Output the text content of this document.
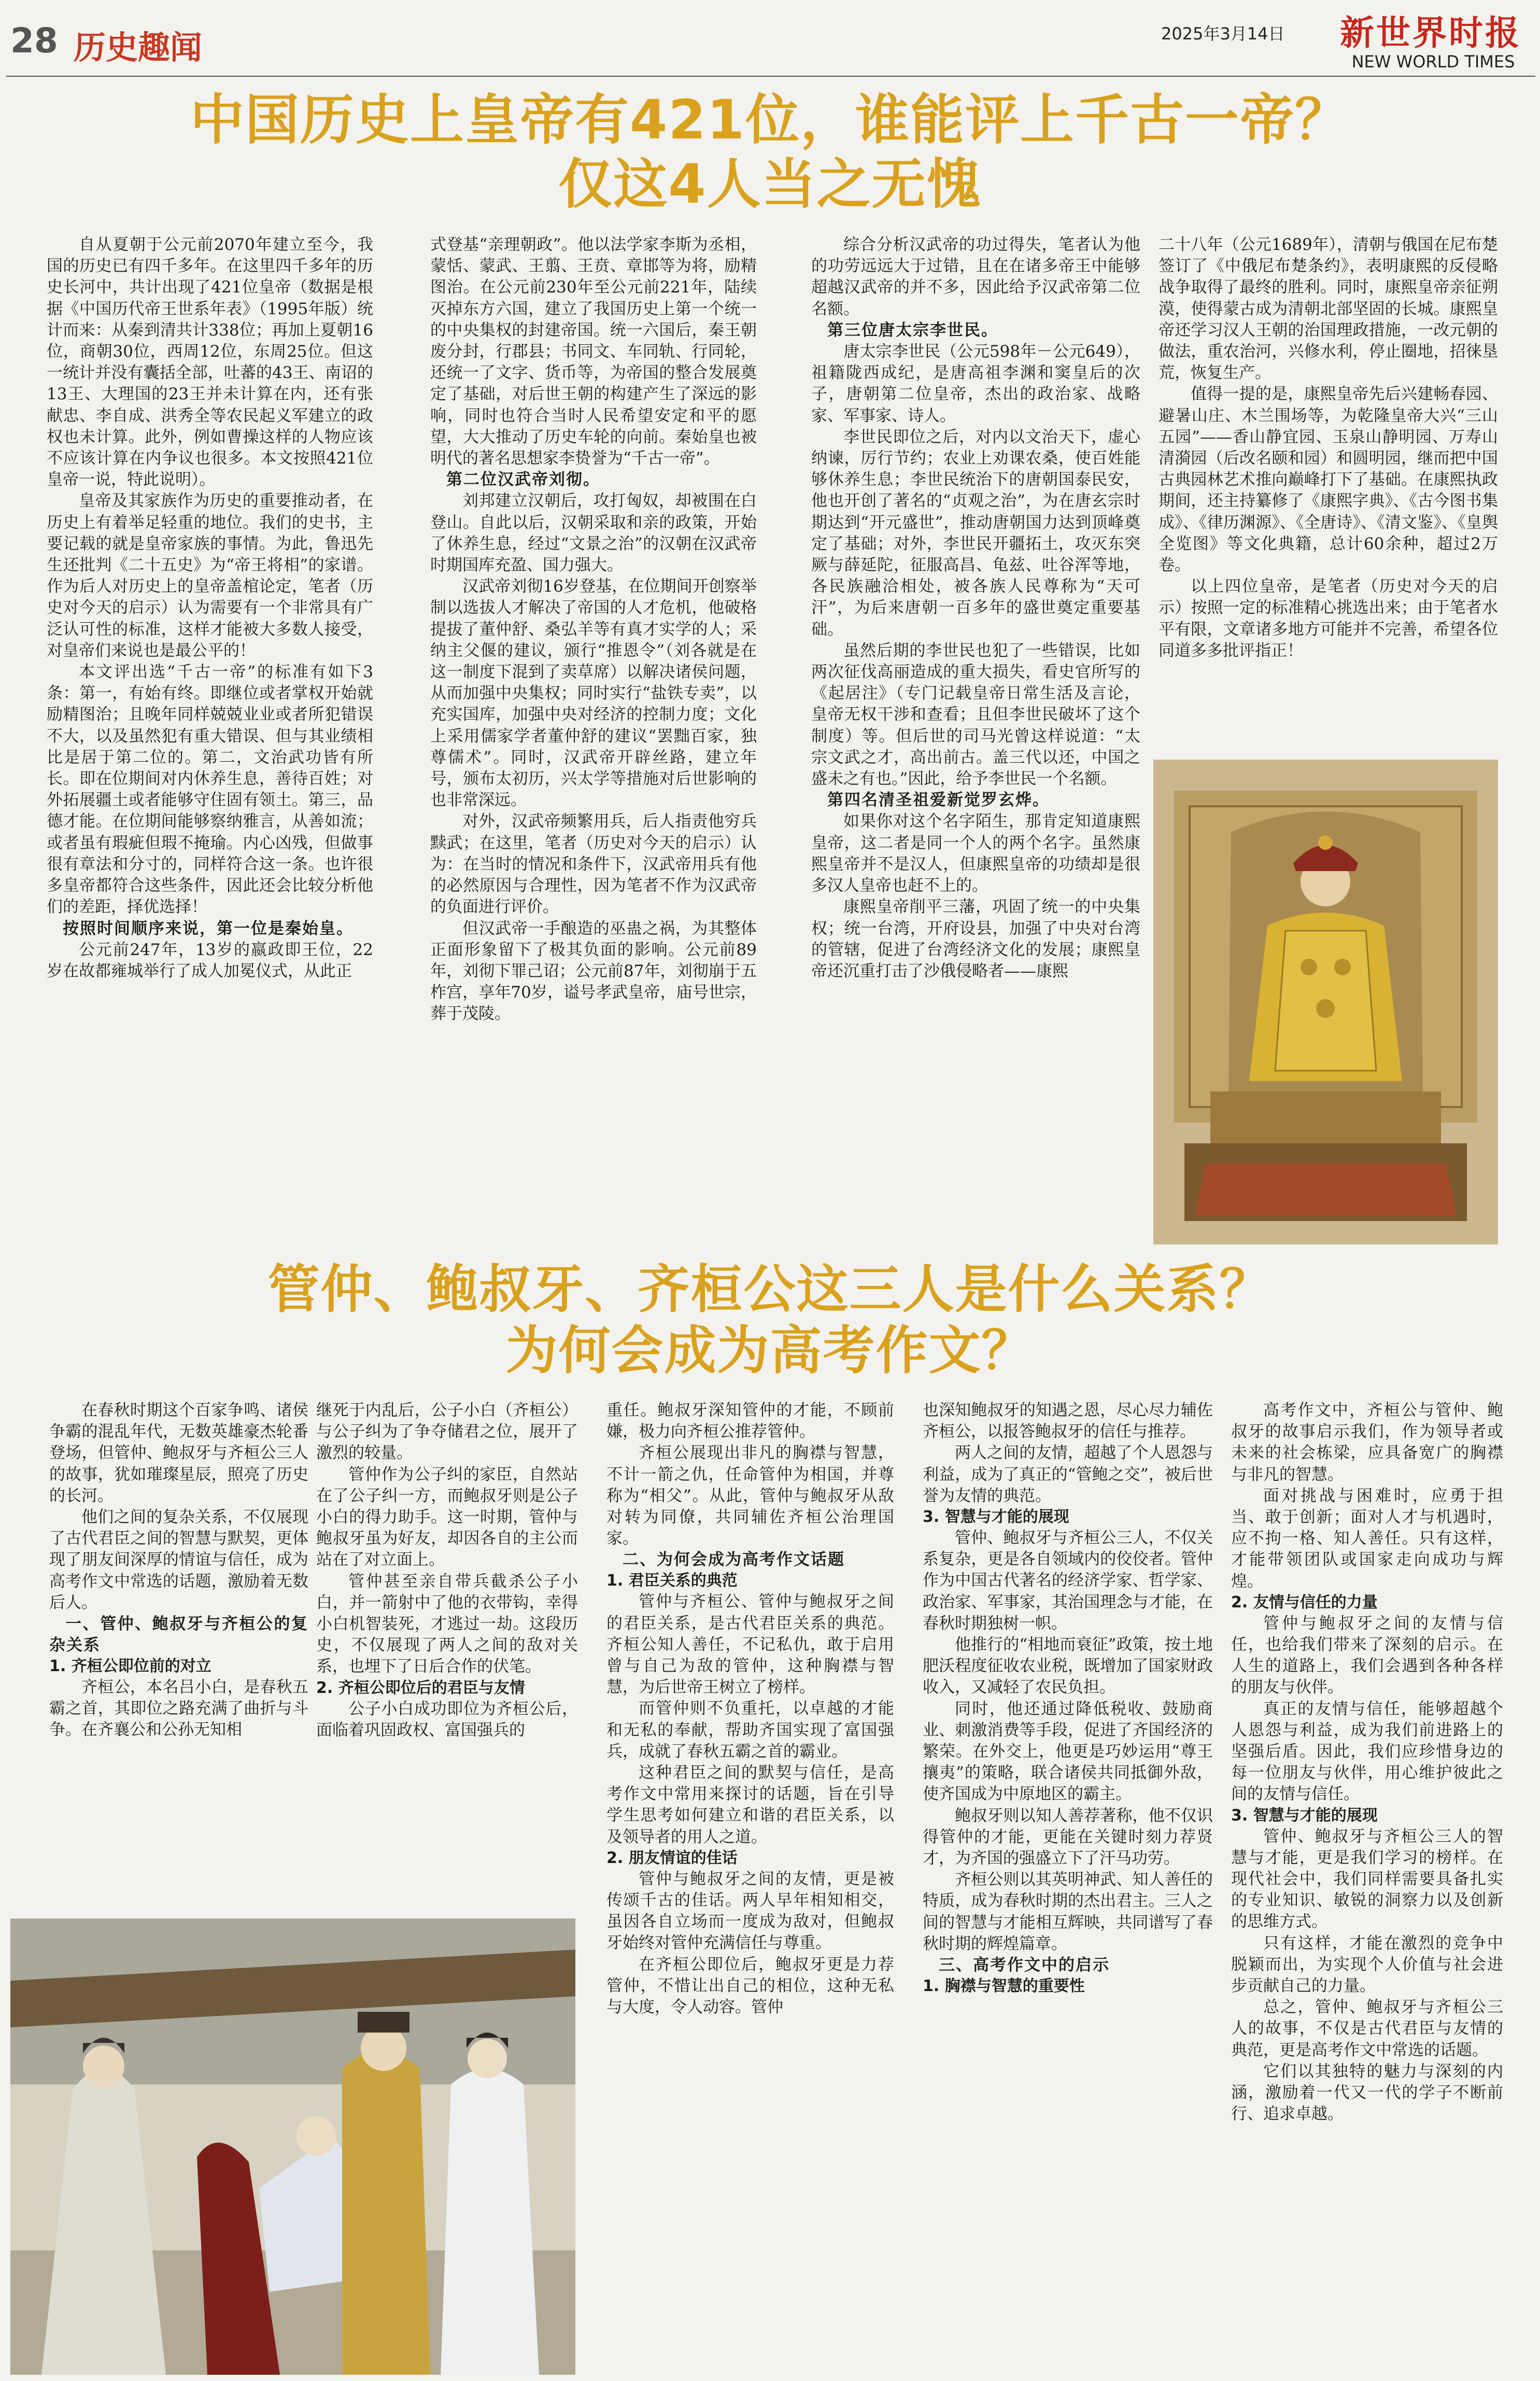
28 历史趣闻	2025年3月14日	新世界时报
NEW WORLD TIMES
中国历史上皇帝有421位，谁能评上千古一帝？
仅这4人当之无愧

自从夏朝于公元前2070年建立至今，我国的历史已有四千多年。在这里四千多年的历史长河中，共计出现了421位皇帝（数据是根据《中国历代帝王世系年表》（1995年版）统计而来：从秦到清共计338位；再加上夏朝16位，商朝30位，西周12位，东周25位。但这一统计并没有囊括全部，吐蕃的43王、南诏的13王、大理国的23王并未计算在内，还有张献忠、李自成、洪秀全等农民起义军建立的政权也未计算。此外，例如曹操这样的人物应该不应该计算在内争议也很多。本文按照421位皇帝一说，特此说明）。

皇帝及其家族作为历史的重要推动者，在历史上有着举足轻重的地位。我们的史书，主要记载的就是皇帝家族的事情。为此，鲁迅先生还批判《二十五史》为“帝王将相”的家谱。作为后人对历史上的皇帝盖棺论定，笔者（历史对今天的启示）认为需要有一个非常具有广泛认可性的标准，这样才能被大多数人接受，对皇帝们来说也是最公平的！

本文评出选“千古一帝”的标准有如下3条：第一，有始有终。即继位或者掌权开始就励精图治；且晚年同样兢兢业业或者所犯错误不大，以及虽然犯有重大错误、但与其业绩相比是居于第二位的。第二，文治武功皆有所长。即在位期间对内休养生息，善待百姓；对外拓展疆土或者能够守住固有领土。第三，品德才能。在位期间能够察纳雅言，从善如流；或者虽有瑕疵但瑕不掩瑜。内心凶残，但做事很有章法和分寸的，同样符合这一条。也许很多皇帝都符合这些条件，因此还会比较分析他们的差距，择优选择！

按照时间顺序来说，第一位是秦始皇。

公元前247年，13岁的嬴政即王位，22岁在故都雍城举行了成人加冕仪式，从此正

式登基“亲理朝政”。他以法学家李斯为丞相，蒙恬、蒙武、王翦、王贲、章邯等为将，励精图治。在公元前230年至公元前221年，陆续灭掉东方六国，建立了我国历史上第一个统一的中央集权的封建帝国。统一六国后，秦王朝废分封，行郡县；书同文、车同轨、行同轮，还统一了文字、货币等，为帝国的整合发展奠定了基础，对后世王朝的构建产生了深远的影响，同时也符合当时人民希望安定和平的愿望，大大推动了历史车轮的向前。秦始皇也被明代的著名思想家李贽誉为“千古一帝”。

第二位汉武帝刘彻。

刘邦建立汉朝后，攻打匈奴，却被围在白登山。自此以后，汉朝采取和亲的政策，开始了休养生息，经过“文景之治”的汉朝在汉武帝时期国库充盈、国力强大。

汉武帝刘彻16岁登基，在位期间开创察举制以选拔人才解决了帝国的人才危机，他破格提拔了董仲舒、桑弘羊等有真才实学的人；采纳主父偃的建议，颁行“推恩令”（刘各就是在这一制度下混到了卖草席）以解决诸侯问题，从而加强中央集权；同时实行“盐铁专卖”，以充实国库，加强中央对经济的控制力度；文化上采用儒家学者董仲舒的建议“罢黜百家，独尊儒术”。同时，汉武帝开辟丝路，建立年号，颁布太初历，兴太学等措施对后世影响的也非常深远。

对外，汉武帝频繁用兵，后人指责他穷兵黩武；在这里，笔者（历史对今天的启示）认为：在当时的情况和条件下，汉武帝用兵有他的必然原因与合理性，因为笔者不作为汉武帝的负面进行评价。

但汉武帝一手酿造的巫蛊之祸，为其整体正面形象留下了极其负面的影响。公元前89年，刘彻下罪己诏；公元前87年，刘彻崩于五柞宫，享年70岁，谥号孝武皇帝，庙号世宗，葬于茂陵。

综合分析汉武帝的功过得失，笔者认为他的功劳远远大于过错，且在在诸多帝王中能够超越汉武帝的并不多，因此给予汉武帝第二位名额。

第三位唐太宗李世民。

唐太宗李世民（公元598年－公元649），祖籍陇西成纪，是唐高祖李渊和窦皇后的次子，唐朝第二位皇帝，杰出的政治家、战略家、军事家、诗人。

李世民即位之后，对内以文治天下，虚心纳谏，厉行节约；农业上劝课农桑，使百姓能够休养生息；李世民统治下的唐朝国泰民安，他也开创了著名的“贞观之治”，为在唐玄宗时期达到“开元盛世”，推动唐朝国力达到顶峰奠定了基础；对外，李世民开疆拓土，攻灭东突厥与薛延陀，征服高昌、龟兹、吐谷浑等地，各民族融洽相处，被各族人民尊称为“天可汗”，为后来唐朝一百多年的盛世奠定重要基础。

虽然后期的李世民也犯了一些错误，比如两次征伐高丽造成的重大损失，看史官所写的《起居注》（专门记载皇帝日常生活及言论，皇帝无权干涉和查看；且但李世民破坏了这个制度）等。但后世的司马光曾这样说道：“太宗文武之才，高出前古。盖三代以还，中国之盛未之有也。”因此，给予李世民一个名额。

第四名清圣祖爱新觉罗玄烨。

如果你对这个名字陌生，那肯定知道康熙皇帝，这二者是同一个人的两个名字。虽然康熙皇帝并不是汉人，但康熙皇帝的功绩却是很多汉人皇帝也赶不上的。

康熙皇帝削平三藩，巩固了统一的中央集权；统一台湾，开府设县，加强了中央对台湾的管辖，促进了台湾经济文化的发展；康熙皇帝还沉重打击了沙俄侵略者——康熙

二十八年（公元1689年），清朝与俄国在尼布楚签订了《中俄尼布楚条约》，表明康熙的反侵略战争取得了最终的胜利。同时，康熙皇帝亲征朔漠，使得蒙古成为清朝北部坚固的长城。康熙皇帝还学习汉人王朝的治国理政措施，一改元朝的做法，重农治河，兴修水利，停止圈地，招徕垦荒，恢复生产。

值得一提的是，康熙皇帝先后兴建畅春园、避暑山庄、木兰围场等，为乾隆皇帝大兴“三山五园”——香山静宜园、玉泉山静明园、万寿山清漪园（后改名颐和园）和圆明园，继而把中国古典园林艺术推向巅峰打下了基础。在康熙执政期间，还主持纂修了《康熙字典》、《古今图书集成》、《律历渊源》、《全唐诗》、《清文鉴》、《皇舆全览图》等文化典籍，总计60余种，超过2万卷。

以上四位皇帝，是笔者（历史对今天的启示）按照一定的标准精心挑选出来；由于笔者水平有限，文章诸多地方可能并不完善，希望各位同道多多批评指正！

管仲、鲍叔牙、齐桓公这三人是什么关系？
为何会成为高考作文？

在春秋时期这个百家争鸣、诸侯争霸的混乱年代，无数英雄豪杰轮番登场，但管仲、鲍叔牙与齐桓公三人的故事，犹如璀璨星辰，照亮了历史的长河。

他们之间的复杂关系，不仅展现了古代君臣之间的智慧与默契，更体现了朋友间深厚的情谊与信任，成为高考作文中常选的话题，激励着无数后人。

一、管仲、鲍叔牙与齐桓公的复杂关系

1. 齐桓公即位前的对立

齐桓公，本名吕小白，是春秋五霸之首，其即位之路充满了曲折与斗争。在齐襄公和公孙无知相

继死于内乱后，公子小白（齐桓公）与公子纠为了争夺储君之位，展开了激烈的较量。

管仲作为公子纠的家臣，自然站在了公子纠一方，而鲍叔牙则是公子小白的得力助手。这一时期，管仲与鲍叔牙虽为好友，却因各自的主公而站在了对立面上。

管仲甚至亲自带兵截杀公子小白，并一箭射中了他的衣带钩，幸得小白机智装死，才逃过一劫。这段历史，不仅展现了两人之间的敌对关系，也埋下了日后合作的伏笔。

2. 齐桓公即位后的君臣与友情

公子小白成功即位为齐桓公后，面临着巩固政权、富国强兵的

重任。鲍叔牙深知管仲的才能，不顾前嫌，极力向齐桓公推荐管仲。

齐桓公展现出非凡的胸襟与智慧，不计一箭之仇，任命管仲为相国，并尊称为“相父”。从此，管仲与鲍叔牙从敌对转为同僚，共同辅佐齐桓公治理国家。

二、为何会成为高考作文话题

1. 君臣关系的典范

管仲与齐桓公、管仲与鲍叔牙之间的君臣关系，是古代君臣关系的典范。齐桓公知人善任，不记私仇，敢于启用曾与自己为敌的管仲，这种胸襟与智慧，为后世帝王树立了榜样。

而管仲则不负重托，以卓越的才能和无私的奉献，帮助齐国实现了富国强兵，成就了春秋五霸之首的霸业。

这种君臣之间的默契与信任，是高考作文中常用来探讨的话题，旨在引导学生思考如何建立和谐的君臣关系，以及领导者的用人之道。

2. 朋友情谊的佳话

管仲与鲍叔牙之间的友情，更是被传颂千古的佳话。两人早年相知相交，虽因各自立场而一度成为敌对，但鲍叔牙始终对管仲充满信任与尊重。

在齐桓公即位后，鲍叔牙更是力荐管仲，不惜让出自己的相位，这种无私与大度，令人动容。管仲

也深知鲍叔牙的知遇之恩，尽心尽力辅佐齐桓公，以报答鲍叔牙的信任与推荐。

两人之间的友情，超越了个人恩怨与利益，成为了真正的“管鲍之交”，被后世誉为友情的典范。

3. 智慧与才能的展现

管仲、鲍叔牙与齐桓公三人，不仅关系复杂，更是各自领域内的佼佼者。管仲作为中国古代著名的经济学家、哲学家、政治家、军事家，其治国理念与才能，在春秋时期独树一帜。

他推行的“相地而衰征”政策，按土地肥沃程度征收农业税，既增加了国家财政收入，又减轻了农民负担。

同时，他还通过降低税收、鼓励商业、刺激消费等手段，促进了齐国经济的繁荣。在外交上，他更是巧妙运用“尊王攘夷”的策略，联合诸侯共同抵御外敌，使齐国成为中原地区的霸主。

鲍叔牙则以知人善荐著称，他不仅识得管仲的才能，更能在关键时刻力荐贤才，为齐国的强盛立下了汗马功劳。

齐桓公则以其英明神武、知人善任的特质，成为春秋时期的杰出君主。三人之间的智慧与才能相互辉映，共同谱写了春秋时期的辉煌篇章。

三、高考作文中的启示

1. 胸襟与智慧的重要性

高考作文中，齐桓公与管仲、鲍叔牙的故事启示我们，作为领导者或未来的社会栋梁，应具备宽广的胸襟与非凡的智慧。

面对挑战与困难时，应勇于担当、敢于创新；面对人才与机遇时，应不拘一格、知人善任。只有这样，才能带领团队或国家走向成功与辉煌。

2. 友情与信任的力量

管仲与鲍叔牙之间的友情与信任，也给我们带来了深刻的启示。在人生的道路上，我们会遇到各种各样的朋友与伙伴。

真正的友情与信任，能够超越个人恩怨与利益，成为我们前进路上的坚强后盾。因此，我们应珍惜身边的每一位朋友与伙伴，用心维护彼此之间的友情与信任。

3. 智慧与才能的展现

管仲、鲍叔牙与齐桓公三人的智慧与才能，更是我们学习的榜样。在现代社会中，我们同样需要具备扎实的专业知识、敏锐的洞察力以及创新的思维方式。

只有这样，才能在激烈的竞争中脱颖而出，为实现个人价值与社会进步贡献自己的力量。

总之，管仲、鲍叔牙与齐桓公三人的故事，不仅是古代君臣与友情的典范，更是高考作文中常选的话题。

它们以其独特的魅力与深刻的内涵，激励着一代又一代的学子不断前行、追求卓越。
